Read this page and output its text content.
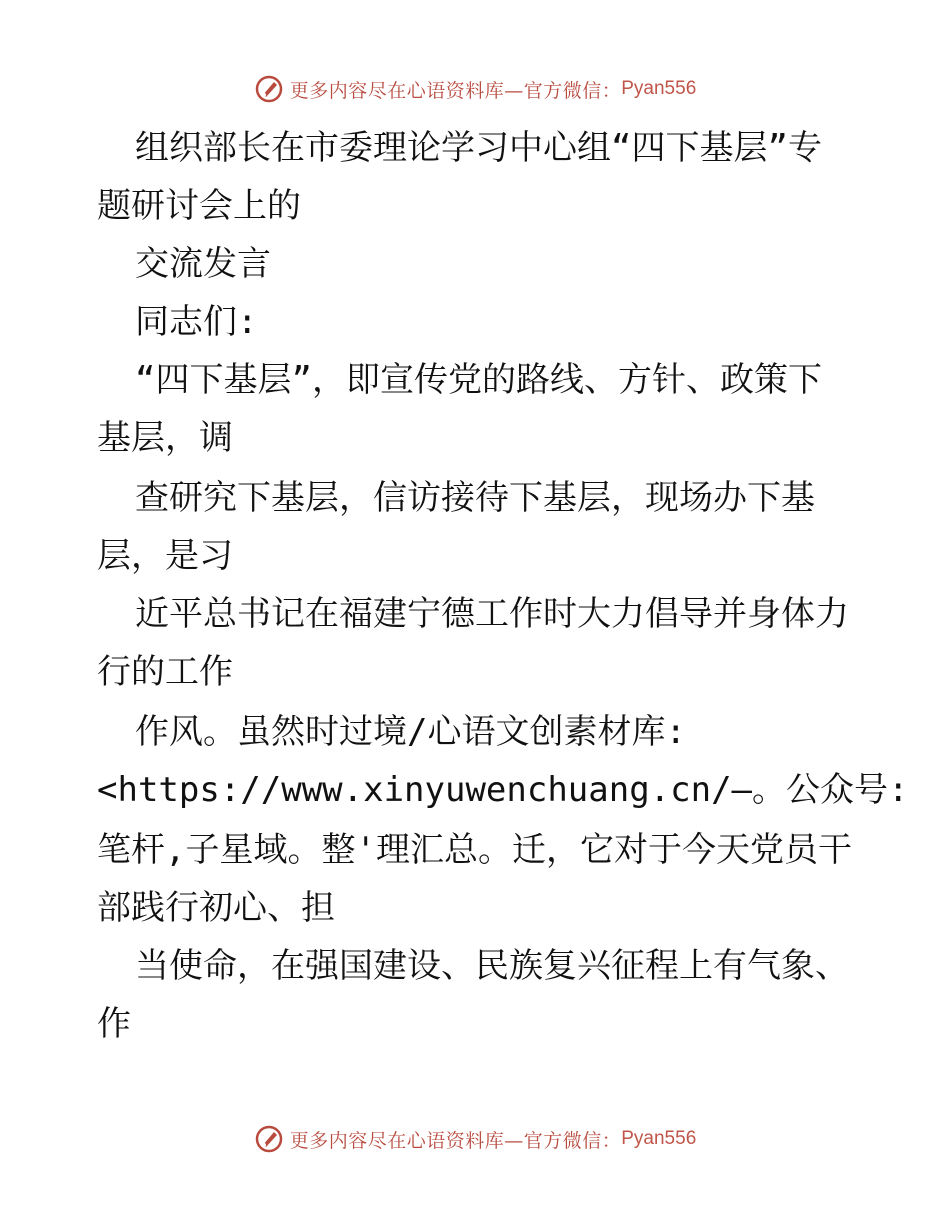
更多内容尽在心语资料库—官方微信： Pyan556
组织部长在市委理论学习中心组“四下基层”专
题研讨会上的
交流发言
同志们:
“四下基层”，即宣传党的路线、方针、政策下
基层，调
查研究下基层，信访接待下基层，现场办下基
层，是习
近平总书记在福建宁德工作时大力倡导并身体力
行的工作
作风。虽然时过境/心语文创素材库:
<https://www.xinyuwenchuang.cn/—。公众号:
笔杆,子星域。整'理汇总。迁，它对于今天党员干
部践行初心、担
当使命，在强国建设、民族复兴征程上有气象、
作
更多内容尽在心语资料库—官方微信： Pyan556
